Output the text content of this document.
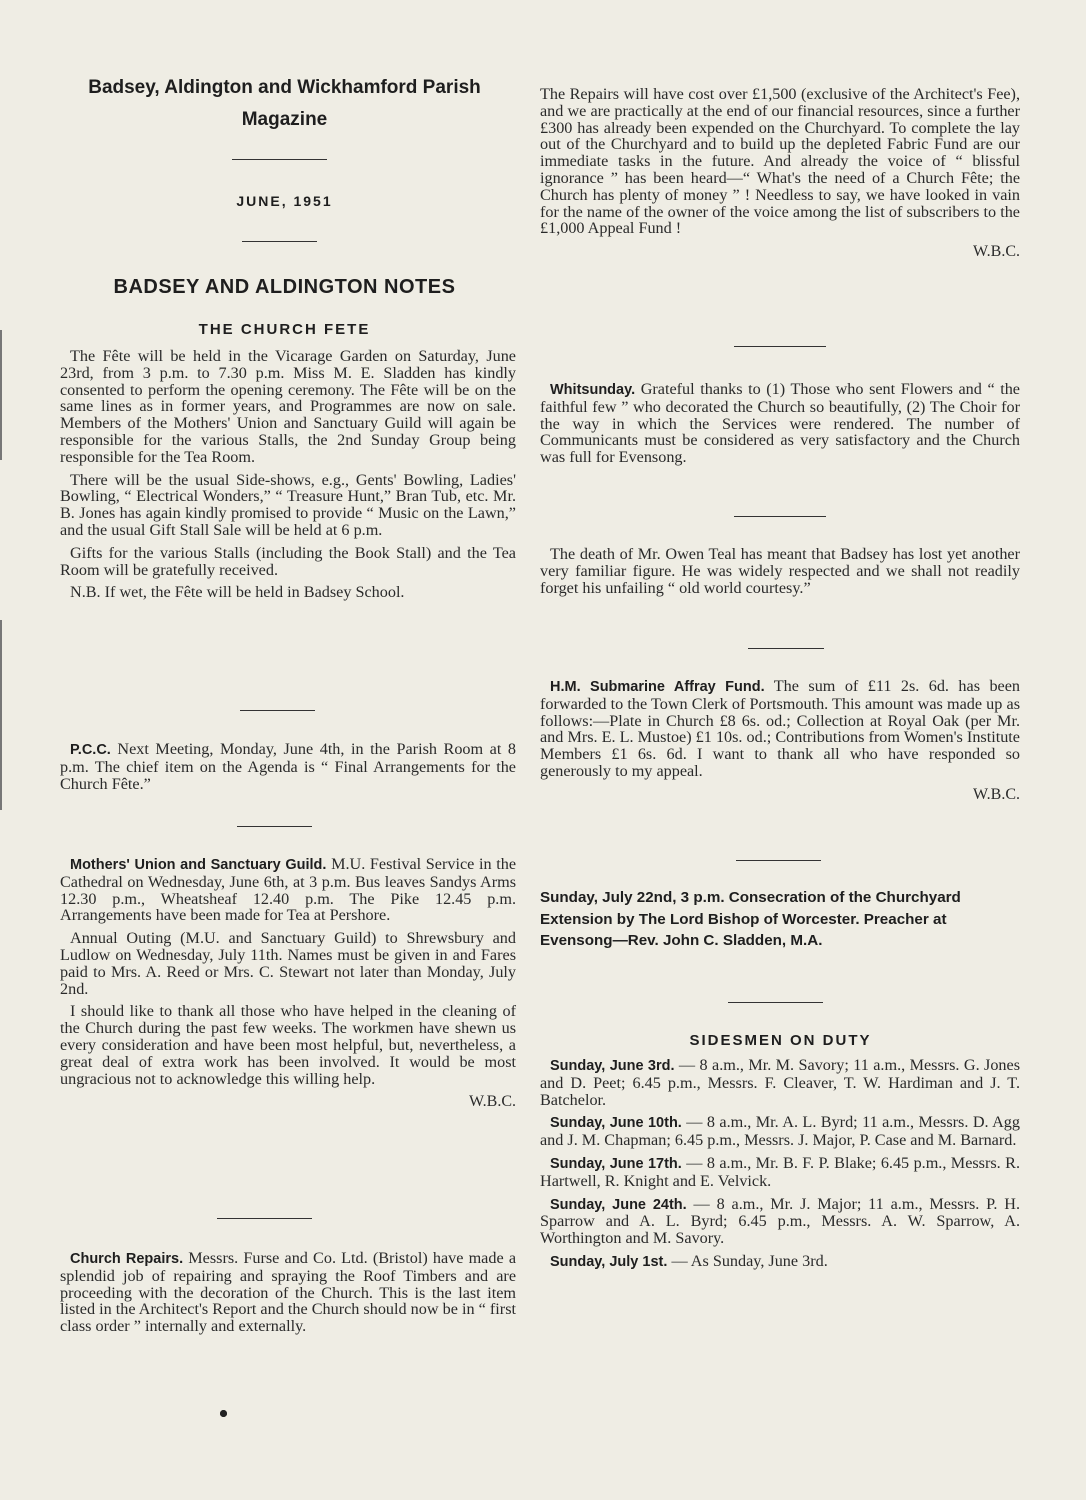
Badsey, Aldington and Wickhamford Parish Magazine
JUNE, 1951
BADSEY AND ALDINGTON NOTES
THE CHURCH FETE

The Fête will be held in the Vicarage Garden on Saturday, June 23rd, from 3 p.m. to 7.30 p.m. Miss M. E. Sladden has kindly consented to perform the opening ceremony. The Fête will be on the same lines as in former years, and Programmes are now on sale. Members of the Mothers' Union and Sanctuary Guild will again be responsible for the various Stalls, the 2nd Sunday Group being responsible for the Tea Room.

There will be the usual Side-shows, e.g., Gents' Bowling, Ladies' Bowling, “ Electrical Wonders,” “ Treasure Hunt,” Bran Tub, etc. Mr. B. Jones has again kindly promised to provide “ Music on the Lawn,” and the usual Gift Stall Sale will be held at 6 p.m.

Gifts for the various Stalls (including the Book Stall) and the Tea Room will be gratefully received.

N.B. If wet, the Fête will be held in Badsey School.

P.C.C. Next Meeting, Monday, June 4th, in the Parish Room at 8 p.m. The chief item on the Agenda is “ Final Arrangements for the Church Fête.”

Mothers' Union and Sanctuary Guild. M.U. Festival Service in the Cathedral on Wednesday, June 6th, at 3 p.m. Bus leaves Sandys Arms 12.30 p.m., Wheatsheaf 12.40 p.m. The Pike 12.45 p.m. Arrangements have been made for Tea at Pershore.

Annual Outing (M.U. and Sanctuary Guild) to Shrewsbury and Ludlow on Wednesday, July 11th. Names must be given in and Fares paid to Mrs. A. Reed or Mrs. C. Stewart not later than Monday, July 2nd.

I should like to thank all those who have helped in the cleaning of the Church during the past few weeks. The workmen have shewn us every consideration and have been most helpful, but, nevertheless, a great deal of extra work has been involved. It would be most ungracious not to acknowledge this willing help.

W.B.C.

Church Repairs. Messrs. Furse and Co. Ltd. (Bristol) have made a splendid job of repairing and spraying the Roof Timbers and are proceeding with the decoration of the Church. This is the last item listed in the Architect's Report and the Church should now be in “ first class order ” internally and externally.

The Repairs will have cost over £1,500 (exclusive of the Architect's Fee), and we are practically at the end of our financial resources, since a further £300 has already been expended on the Churchyard. To complete the lay out of the Churchyard and to build up the depleted Fabric Fund are our immediate tasks in the future. And already the voice of “ blissful ignorance ” has been heard—“ What's the need of a Church Fête; the Church has plenty of money ” ! Needless to say, we have looked in vain for the name of the owner of the voice among the list of subscribers to the £1,000 Appeal Fund !

W.B.C.

Whitsunday. Grateful thanks to (1) Those who sent Flowers and “ the faithful few ” who decorated the Church so beautifully, (2) The Choir for the way in which the Services were rendered. The number of Communicants must be considered as very satisfactory and the Church was full for Evensong.

The death of Mr. Owen Teal has meant that Badsey has lost yet another very familiar figure. He was widely respected and we shall not readily forget his unfailing “ old world courtesy.”

H.M. Submarine Affray Fund. The sum of £11 2s. 6d. has been forwarded to the Town Clerk of Portsmouth. This amount was made up as follows:—Plate in Church £8 6s. od.; Collection at Royal Oak (per Mr. and Mrs. E. L. Mustoe) £1 10s. od.; Contributions from Women's Institute Members £1 6s. 6d. I want to thank all who have responded so generously to my appeal.

W.B.C.

Sunday, July 22nd, 3 p.m. Consecration of the Churchyard Extension by The Lord Bishop of Worcester. Preacher at Evensong—Rev. John C. Sladden, M.A.

SIDESMEN ON DUTY

Sunday, June 3rd. — 8 a.m., Mr. M. Savory; 11 a.m., Messrs. G. Jones and D. Peet; 6.45 p.m., Messrs. F. Cleaver, T. W. Hardiman and J. T. Batchelor.

Sunday, June 10th. — 8 a.m., Mr. A. L. Byrd; 11 a.m., Messrs. D. Agg and J. M. Chapman; 6.45 p.m., Messrs. J. Major, P. Case and M. Barnard.

Sunday, June 17th. — 8 a.m., Mr. B. F. P. Blake; 6.45 p.m., Messrs. R. Hartwell, R. Knight and E. Velvick.

Sunday, June 24th. — 8 a.m., Mr. J. Major; 11 a.m., Messrs. P. H. Sparrow and A. L. Byrd; 6.45 p.m., Messrs. A. W. Sparrow, A. Worthington and M. Savory.

Sunday, July 1st. — As Sunday, June 3rd.
